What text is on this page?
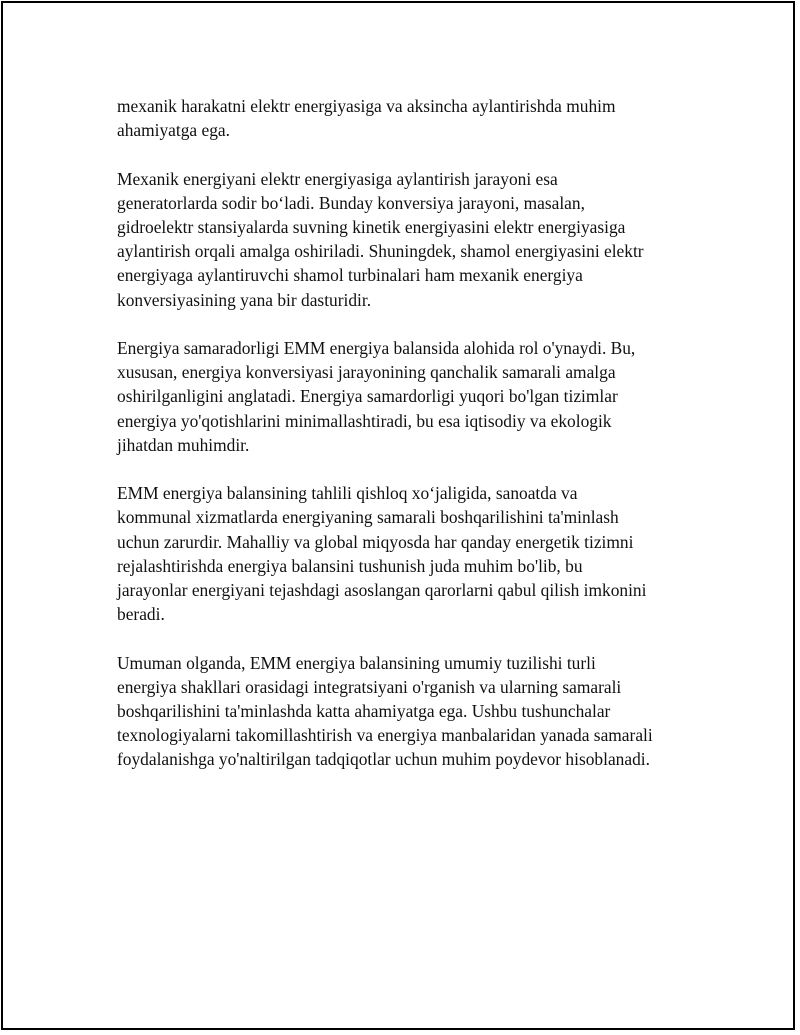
mexanik harakatni elektr energiyasiga va aksincha aylantirishda muhim
ahamiyatga ega.

Mexanik energiyani elektr energiyasiga aylantirish jarayoni esa
generatorlarda sodir bo‘ladi. Bunday konversiya jarayoni, masalan,
gidroelektr stansiyalarda suvning kinetik energiyasini elektr energiyasiga
aylantirish orqali amalga oshiriladi. Shuningdek, shamol energiyasini elektr
energiyaga aylantiruvchi shamol turbinalari ham mexanik energiya
konversiyasining yana bir dasturidir.

Energiya samaradorligi EMM energiya balansida alohida rol o'ynaydi. Bu,
xususan, energiya konversiyasi jarayonining qanchalik samarali amalga
oshirilganligini anglatadi. Energiya samardorligi yuqori bo'lgan tizimlar
energiya yo'qotishlarini minimallashtiradi, bu esa iqtisodiy va ekologik
jihatdan muhimdir.

EMM energiya balansining tahlili qishloq xo‘jaligida, sanoatda va
kommunal xizmatlarda energiyaning samarali boshqarilishini ta'minlash
uchun zarurdir. Mahalliy va global miqyosda har qanday energetik tizimni
rejalashtirishda energiya balansini tushunish juda muhim bo'lib, bu
jarayonlar energiyani tejashdagi asoslangan qarorlarni qabul qilish imkonini
beradi.

Umuman olganda, EMM energiya balansining umumiy tuzilishi turli
energiya shakllari orasidagi integratsiyani o'rganish va ularning samarali
boshqarilishini ta'minlashda katta ahamiyatga ega. Ushbu tushunchalar
texnologiyalarni takomillashtirish va energiya manbalaridan yanada samarali
foydalanishga yo'naltirilgan tadqiqotlar uchun muhim poydevor hisoblanadi.
